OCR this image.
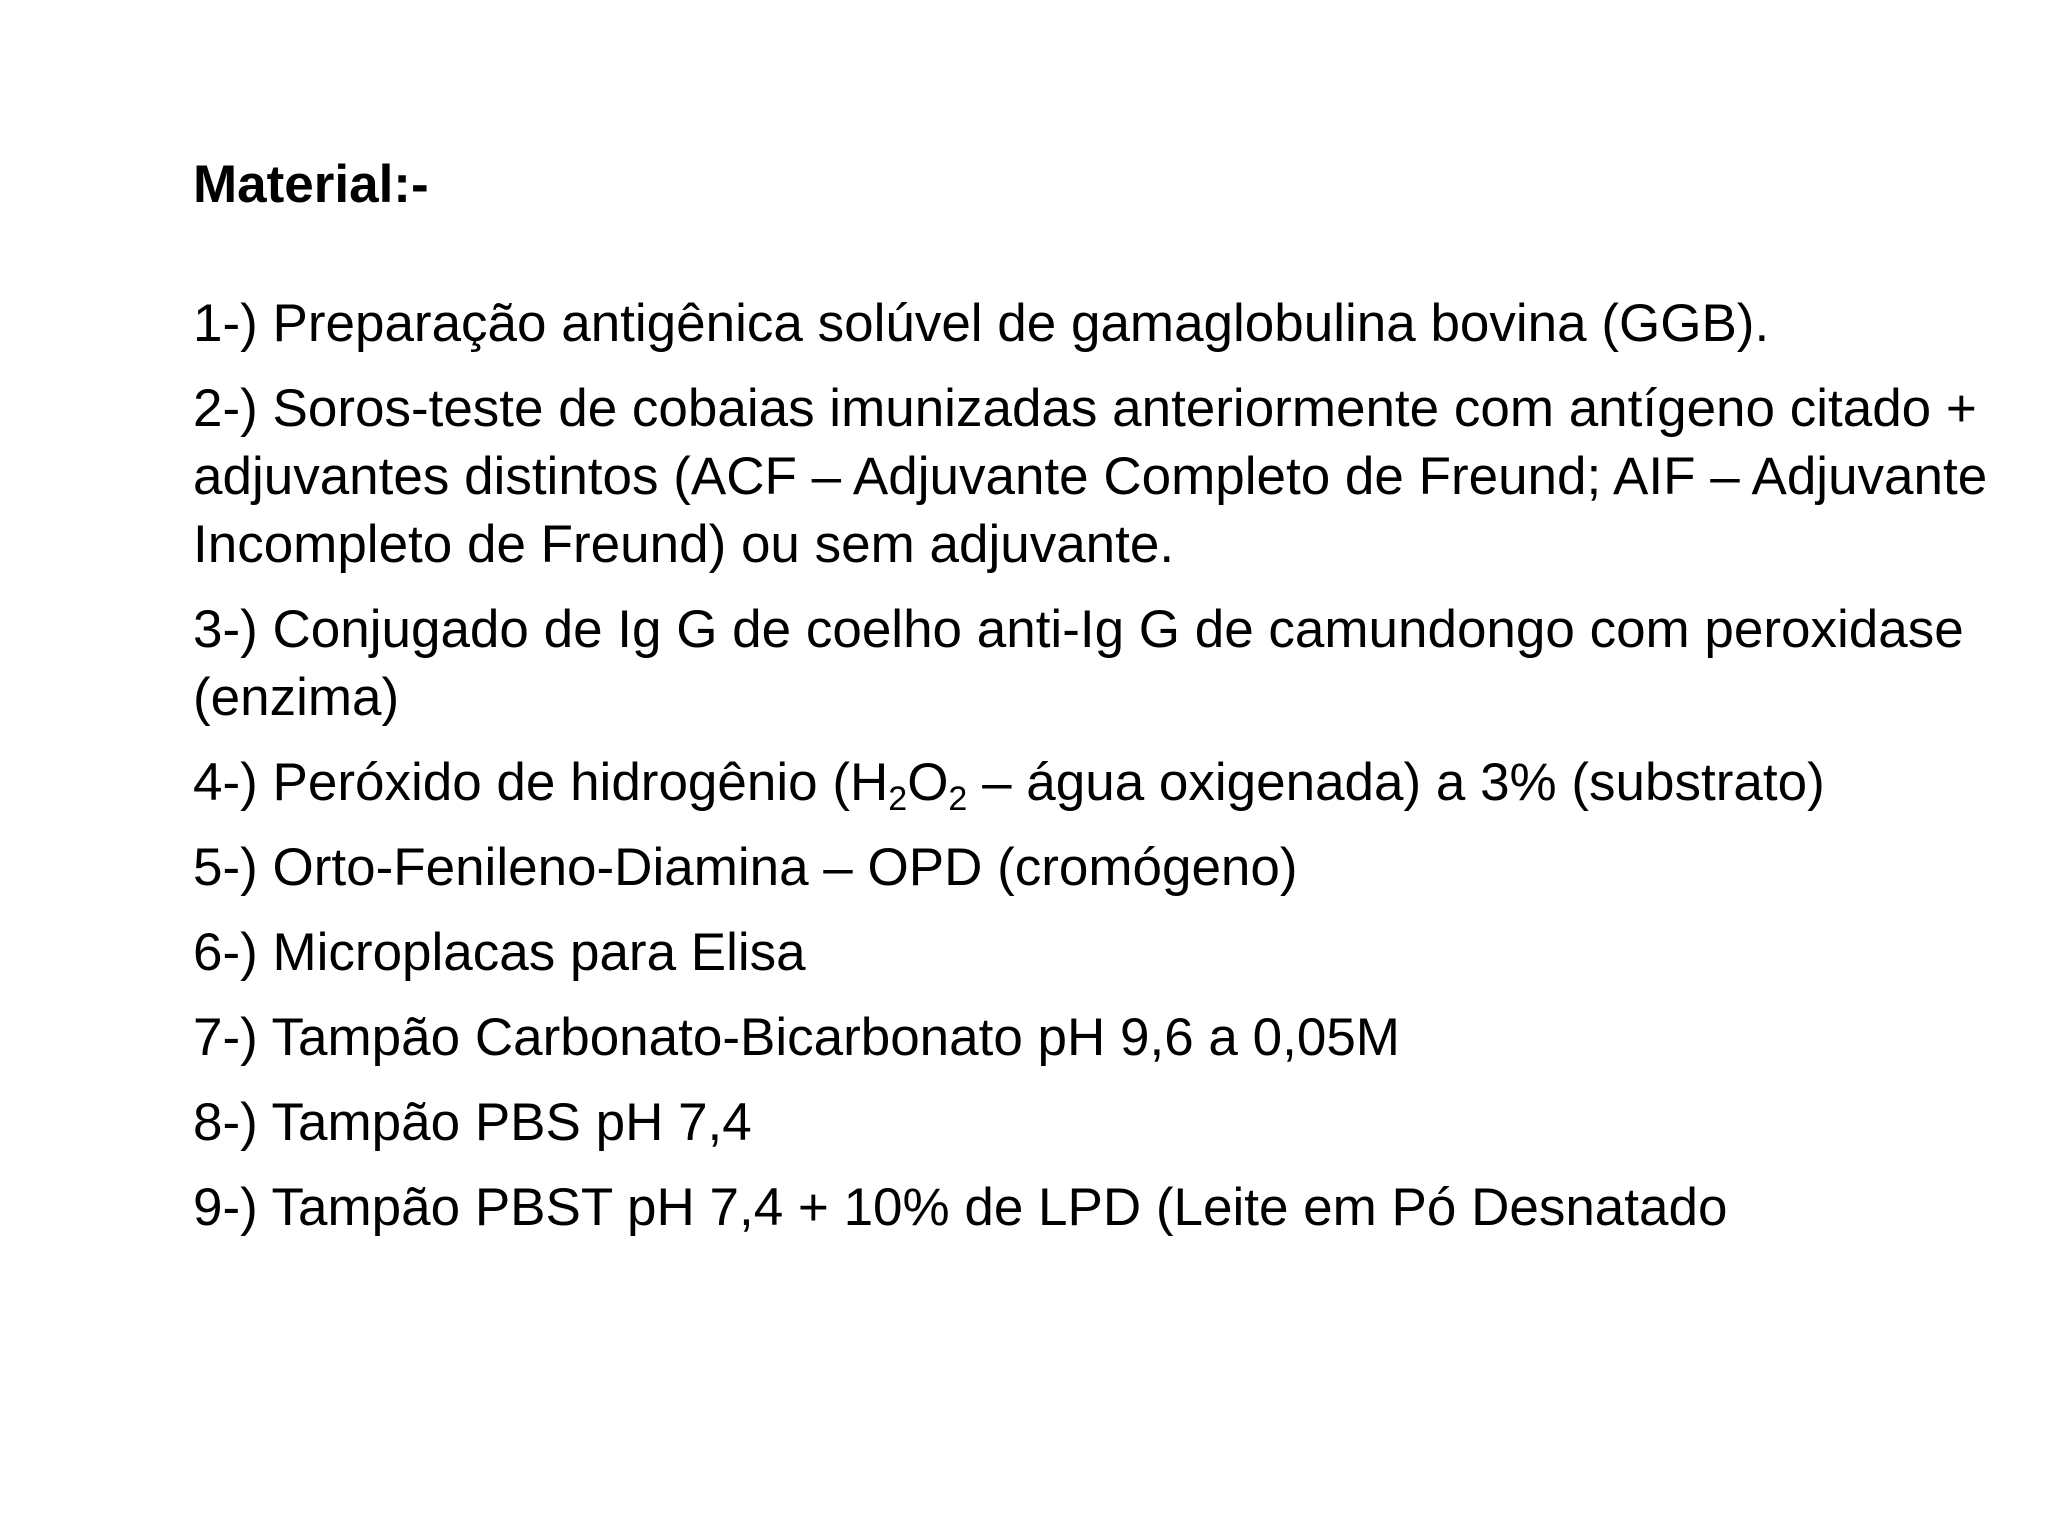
Material:-
1-) Preparação antigênica solúvel de gamaglobulina bovina (GGB).
2-) Soros-teste de cobaias imunizadas anteriormente com antígeno citado + adjuvantes distintos (ACF – Adjuvante Completo de Freund; AIF – Adjuvante Incompleto de Freund) ou sem adjuvante.
3-) Conjugado de Ig G de coelho anti-Ig G de camundongo com peroxidase (enzima)
4-) Peróxido de hidrogênio ($H_2O_2$ – água oxigenada) a 3% (substrato)
5-) Orto-Fenileno-Diamina – OPD (cromógeno)
6-) Microplacas para Elisa
7-) Tampão Carbonato-Bicarbonato pH 9,6 a 0,05M
8-) Tampão PBS pH 7,4
9-) Tampão PBST pH 7,4 + 10% de LPD (Leite em Pó Desnatado
